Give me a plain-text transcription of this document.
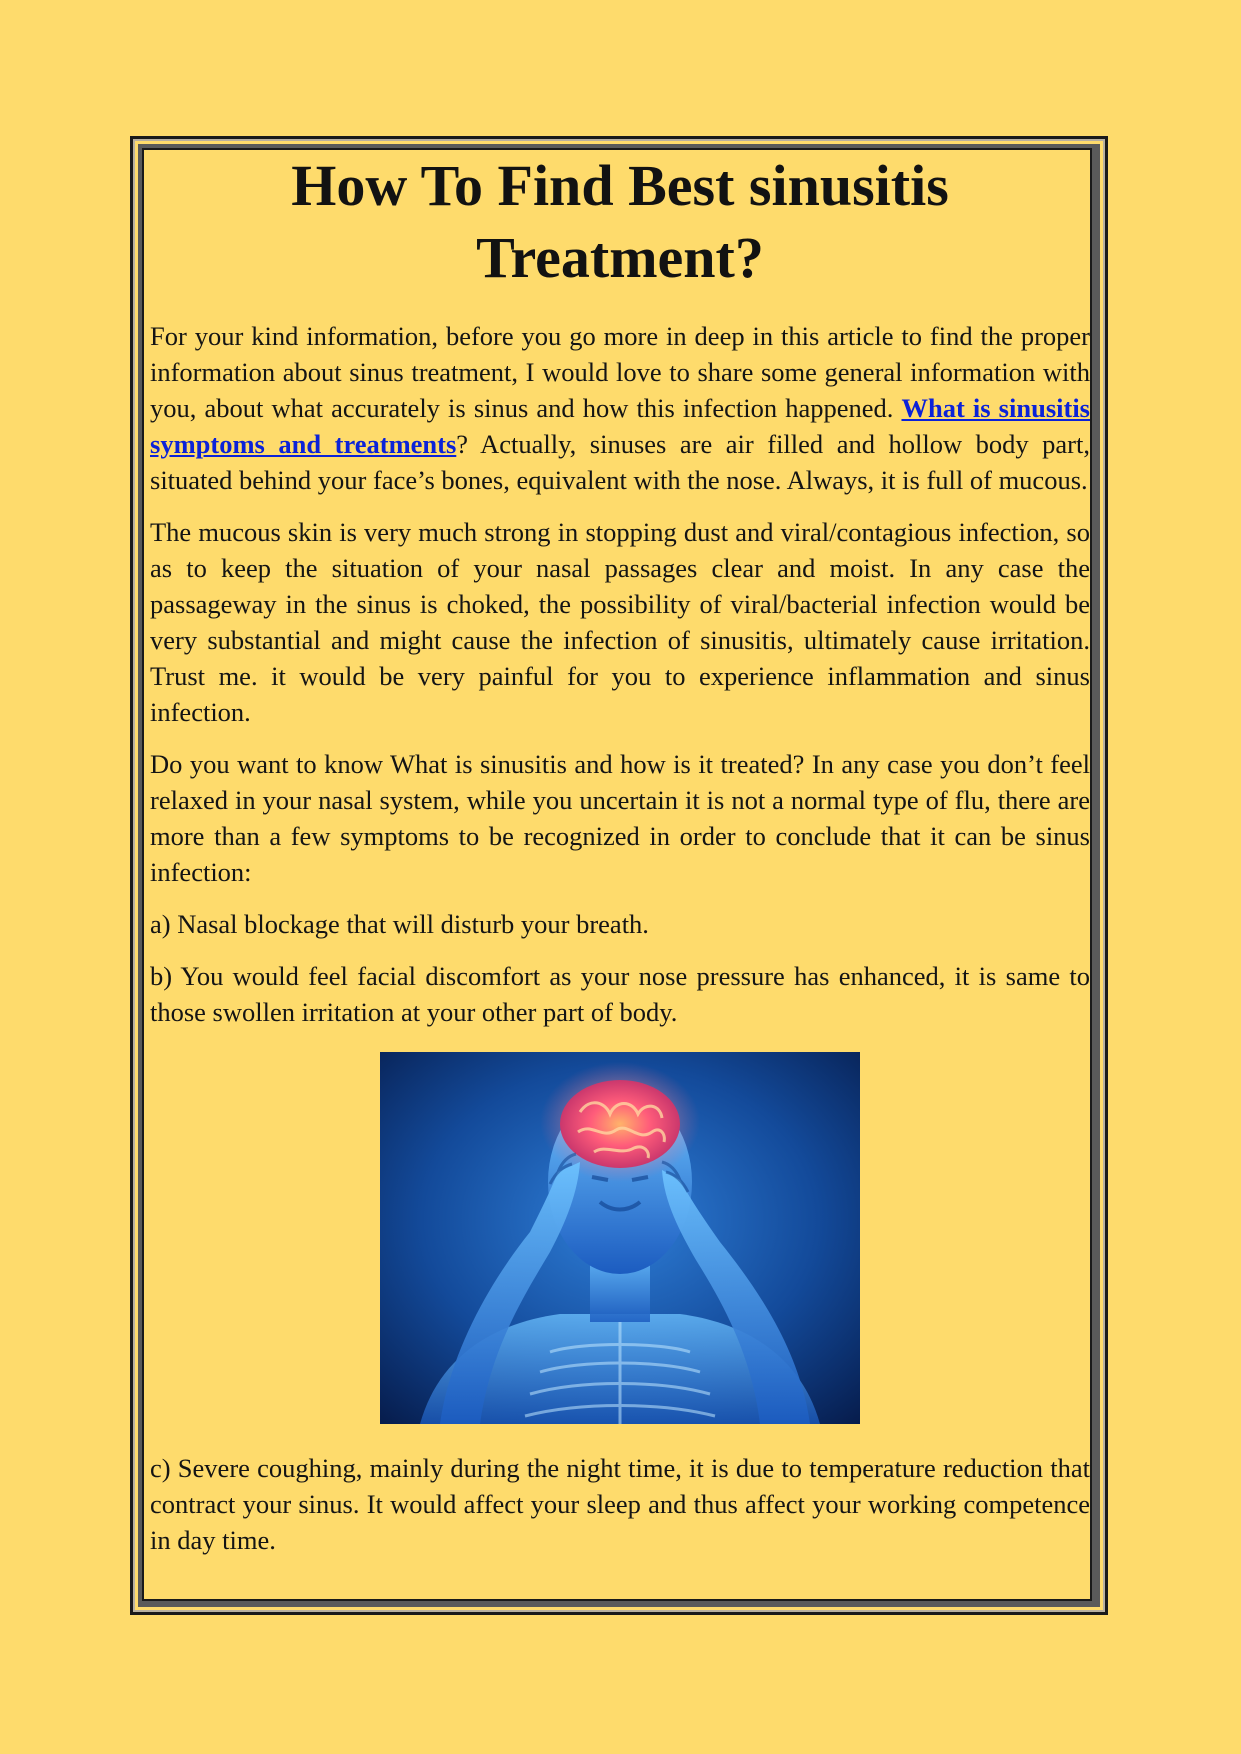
How To Find Best sinusitis Treatment?

For your kind information, before you go more in deep in this article to find the proper information about sinus treatment, I would love to share some general information with you, about what accurately is sinus and how this infection happened. What is sinusitis symptoms and treatments? Actually, sinuses are air filled and hollow body part, situated behind your face’s bones, equivalent with the nose. Always, it is full of mucous.

The mucous skin is very much strong in stopping dust and viral/contagious infection, so as to keep the situation of your nasal passages clear and moist. In any case the passageway in the sinus is choked, the possibility of viral/bacterial infection would be very substantial and might cause the infection of sinusitis, ultimately cause irritation. Trust me. it would be very painful for you to experience inflammation and sinus infection.

Do you want to know What is sinusitis and how is it treated? In any case you don’t feel relaxed in your nasal system, while you uncertain it is not a normal type of flu, there are more than a few symptoms to be recognized in order to conclude that it can be sinus infection:

a) Nasal blockage that will disturb your breath.

b) You would feel facial discomfort as your nose pressure has enhanced, it is same to those swollen irritation at your other part of body.

c) Severe coughing, mainly during the night time, it is due to temperature reduction that contract your sinus. It would affect your sleep and thus affect your working competence in day time.
